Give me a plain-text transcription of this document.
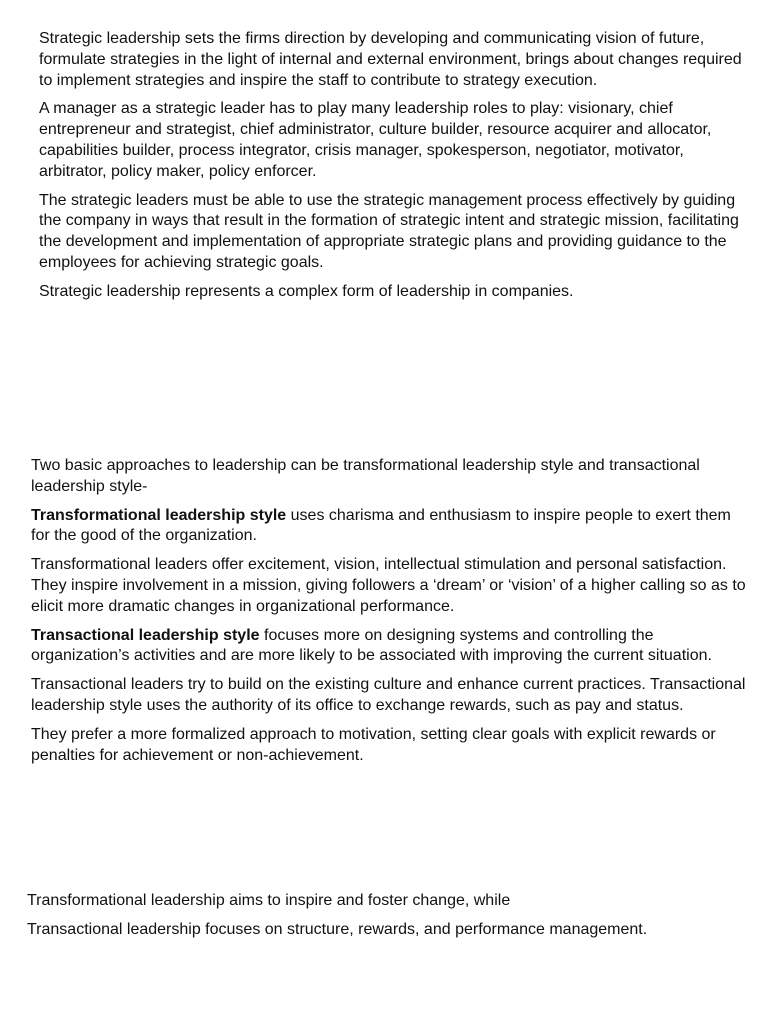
Strategic leadership sets the firms direction by developing and communicating vision of future, formulate strategies in the light of internal and external environment, brings about changes required to implement strategies and inspire the staff to contribute to strategy execution.

A manager as a strategic leader has to play many leadership roles to play: visionary, chief entrepreneur and strategist, chief administrator, culture builder, resource acquirer and allocator, capabilities builder, process integrator, crisis manager, spokesperson, negotiator, motivator, arbitrator, policy maker, policy enforcer.

The strategic leaders must be able to use the strategic management process effectively by guiding the company in ways that result in the formation of strategic intent and strategic mission, facilitating the development and implementation of appropriate strategic plans and providing guidance to the employees for achieving strategic goals.

Strategic leadership represents a complex form of leadership in companies.

Two basic approaches to leadership can be transformational leadership style and transactional leadership style-

Transformational leadership style uses charisma and enthusiasm to inspire people to exert them for the good of the organization.

Transformational leaders offer excitement, vision, intellectual stimulation and personal satisfaction. They inspire involvement in a mission, giving followers a ‘dream’ or ‘vision’ of a higher calling so as to elicit more dramatic changes in organizational performance.

Transactional leadership style focuses more on designing systems and controlling the organization’s activities and are more likely to be associated with improving the current situation.

Transactional leaders try to build on the existing culture and enhance current practices. Transactional leadership style uses the authority of its office to exchange rewards, such as pay and status.

They prefer a more formalized approach to motivation, setting clear goals with explicit rewards or penalties for achievement or non-achievement.

Transformational leadership aims to inspire and foster change, while

Transactional leadership focuses on structure, rewards, and performance management.
